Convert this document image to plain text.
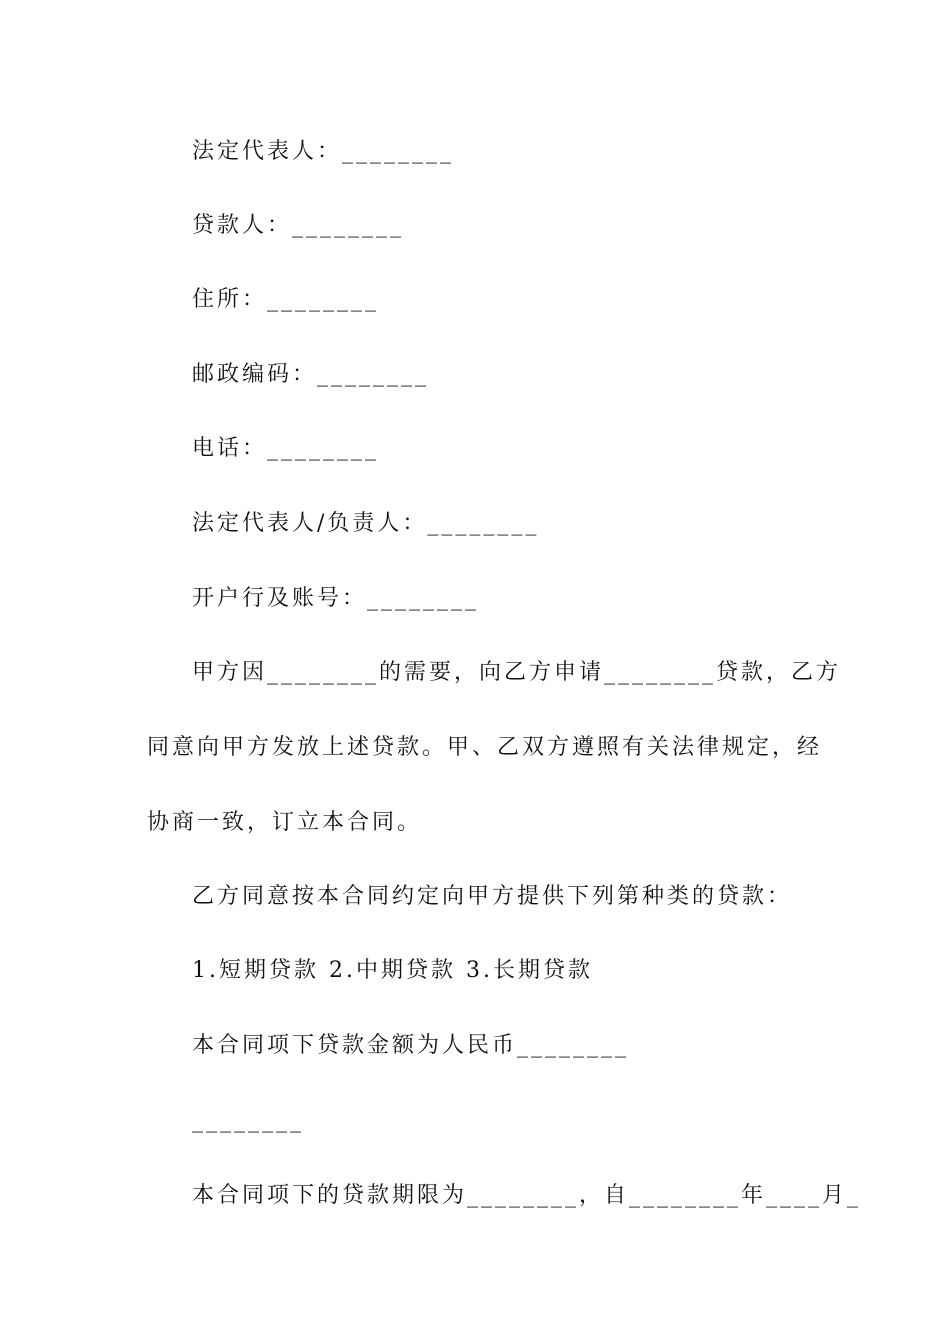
法定代表人：________
贷款人：________
住所：________
邮政编码：________
电话：________
法定代表人/负责人：________
开户行及账号：________
甲方因________的需要，向乙方申请________贷款，乙方
同意向甲方发放上述贷款。甲、乙双方遵照有关法律规定，经
协商一致，订立本合同。
乙方同意按本合同约定向甲方提供下列第种类的贷款：
1.短期贷款 2.中期贷款 3.长期贷款
本合同项下贷款金额为人民币________
________
本合同项下的贷款期限为________，自________年____月_
